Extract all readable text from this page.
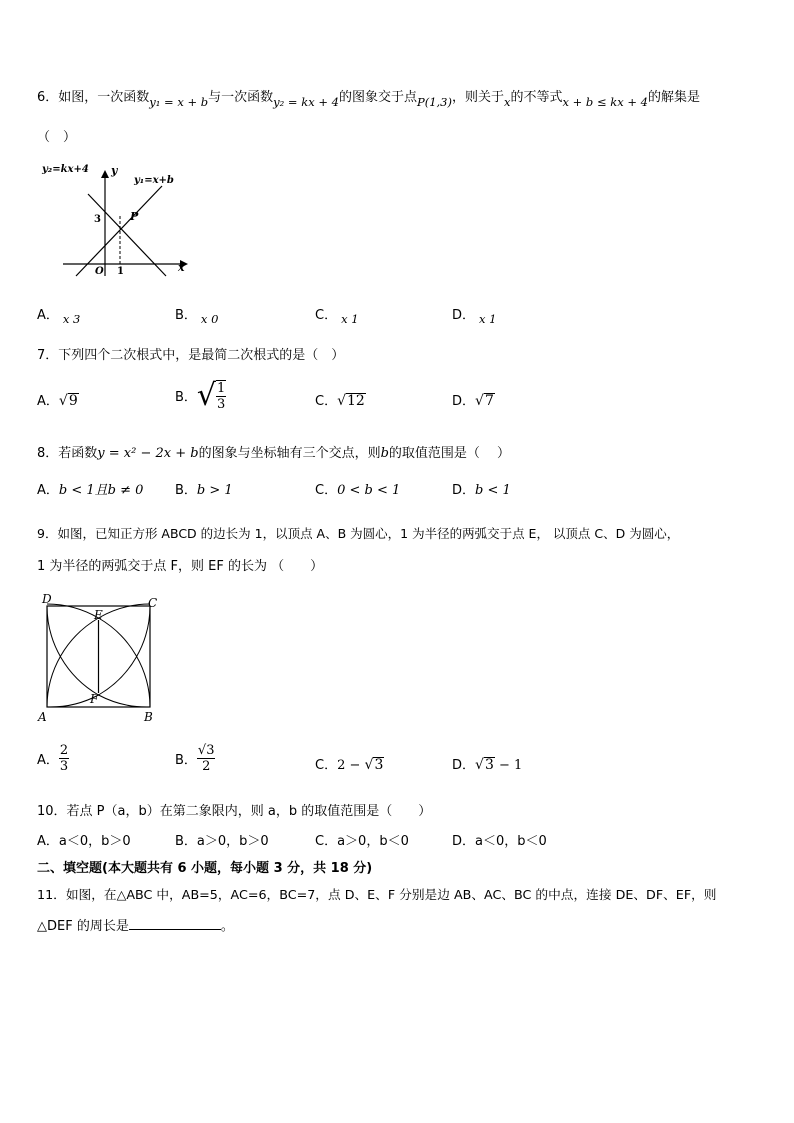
6．如图，一次函数y₁ = x + b与一次函数y₂ = kx + 4的图象交于点P(1,3)，则关于x的不等式x + b ≤ kx + 4的解集是
（　）
y₂=kx+4
y₁=x+b
y
x
O 1
3	P
A． x 3	B． x 0	C． x 1	D． x 1
7．下列四个二次根式中，是最简二次根式的是（　）
A．√9	B．√ $\frac{1}{3}$	C．√12	D．√7
8．若函数y = x² − 2x + b的图象与坐标轴有三个交点，则b的取值范围是（　 ）
A．b < 1且b ≠ 0 B．b > 1	C．0 < b < 1	D．b < 1
9．如图，已知正方形 ABCD 的边长为 1，以顶点 A、B 为圆心，1 为半径的两弧交于点 E， 以顶点 C、D 为圆心，
1 为半径的两弧交于点 F，则 EF 的长为 （　　）
D	C
E
F
A	B
A． $\frac{2}{3}$	B． $\frac{√3}{2}$	C．2 − √3	D．√3 − 1
10．若点 P（a，b）在第二象限内，则 a，b 的取值范围是（　　）
A．a＜0，b＞0	B．a＞0，b＞0	C．a＞0，b＜0	D．a＜0，b＜0
二、填空题(本大题共有 6 小题，每小题 3 分，共 18 分)
11．如图，在△ABC 中，AB=5，AC=6，BC=7，点 D、E、F 分别是边 AB、AC、BC 的中点，连接 DE、DF、EF，则
△DEF 的周长是	。
